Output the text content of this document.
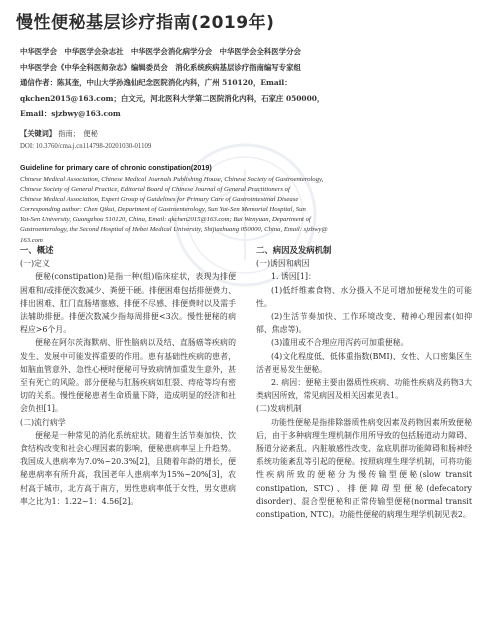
慢性便秘基层诊疗指南(2019年)

中华医学会　中华医学会杂志社　中华医学会消化病学分会　中华医学会全科医学分会

中华医学会《中华全科医师杂志》编辑委员会　消化系统疾病基层诊疗指南编写专家组

通信作者：陈其奎，中山大学孙逸仙纪念医院消化内科，广州 510120，Email：

qkchen2015@163.com；白文元，河北医科大学第二医院消化内科，石家庄 050000，

Email：sjzbwy@163.com

【关键词】 指南；　便秘
DOI: 10.3760/cma.j.cn114798-20201030-01109
Guideline for primary care of chronic constipation(2019)

Chinese Medical Association, Chinese Medical Journals Publishing House, Chinese Society of Gastroenterology,

Chinese Society of General Practice, Editorial Board of Chinese Journal of General Practitioners of

Chinese Medical Association, Expert Group of Guidelines for Primary Care of Gastrointestinal Disease

Corresponding author: Chen Qikui, Department of Gastroenterology, Sun Yat-Sen Memorial Hospital, Sun

Yat-Sen University, Guangzhou 510120, China, Email: qkchen2015@163.com; Bai Wenyuan, Department of

Gastroenterology, the Second Hospital of Hebei Medical University, Shijiazhuang 050000, China, Email: sjzbwy@

163.com

一、概述

(一)定义

便秘(constipation)是指一种(组)临床症状，表现为排便困难和/或排便次数减少、粪便干硬。排便困难包括排便费力、排出困难、肛门直肠堵塞感、排便不尽感、排便费时以及需手法辅助排便。排便次数减少指每周排便<3次。慢性便秘的病程应>6个月。

便秘在阿尔茨海默病、肝性脑病以及结、直肠癌等疾病的发生、发展中可能发挥重要的作用。患有基础性疾病的患者，如脑血管意外、急性心梗时便秘可导致病情加重发生意外，甚至有死亡的风险。部分便秘与肛肠疾病如肛裂、痔疮等均有密切的关系。慢性便秘患者生命质量下降，造成明显的经济和社会负担[1]。

(二)流行病学

便秘是一种常见的消化系统症状。随着生活节奏加快、饮食结构改变和社会心理因素的影响，便秘患病率呈上升趋势。我国成人患病率为7.0%~20.3%[2]，且随着年龄的增长，便秘患病率有所升高，我国老年人患病率为15%~20%[3]，农村高于城市，北方高于南方，男性患病率低于女性，男女患病率之比为1：1.22~1：4.56[2]。

二、病因及发病机制

(一)诱因和病因

1. 诱因[1]：

(1)低纤维素食物、水分摄入不足可增加便秘发生的可能性。

(2)生活节奏加快、工作环境改变、精神心理因素(如抑郁、焦虑等)。

(3)滥用或不合理应用泻药可加重便秘。

(4)文化程度低、低体重指数(BMI)、女性、人口密集区生活者更易发生便秘。

2. 病因：便秘主要由器质性疾病、功能性疾病及药物3大类病因所致，常见病因及相关因素见表1。

(二)发病机制

功能性便秘是指排除器质性病变因素及药物因素所致便秘后，由于多种病理生理机制作用所导致的包括肠道动力障碍、肠道分泌紊乱、内脏敏感性改变、盆底肌群功能障碍和肠神经系统功能紊乱等引起的便秘。按照病理生理学机制，可将功能性疾病所致的便秘分为慢传输型便秘(slow transit constipation, STC)、排便障碍型便秘(defecatory disorder)、混合型便秘和正常传输型便秘(normal transit constipation, NTC)。功能性便秘的病理生理学机制见表2。
